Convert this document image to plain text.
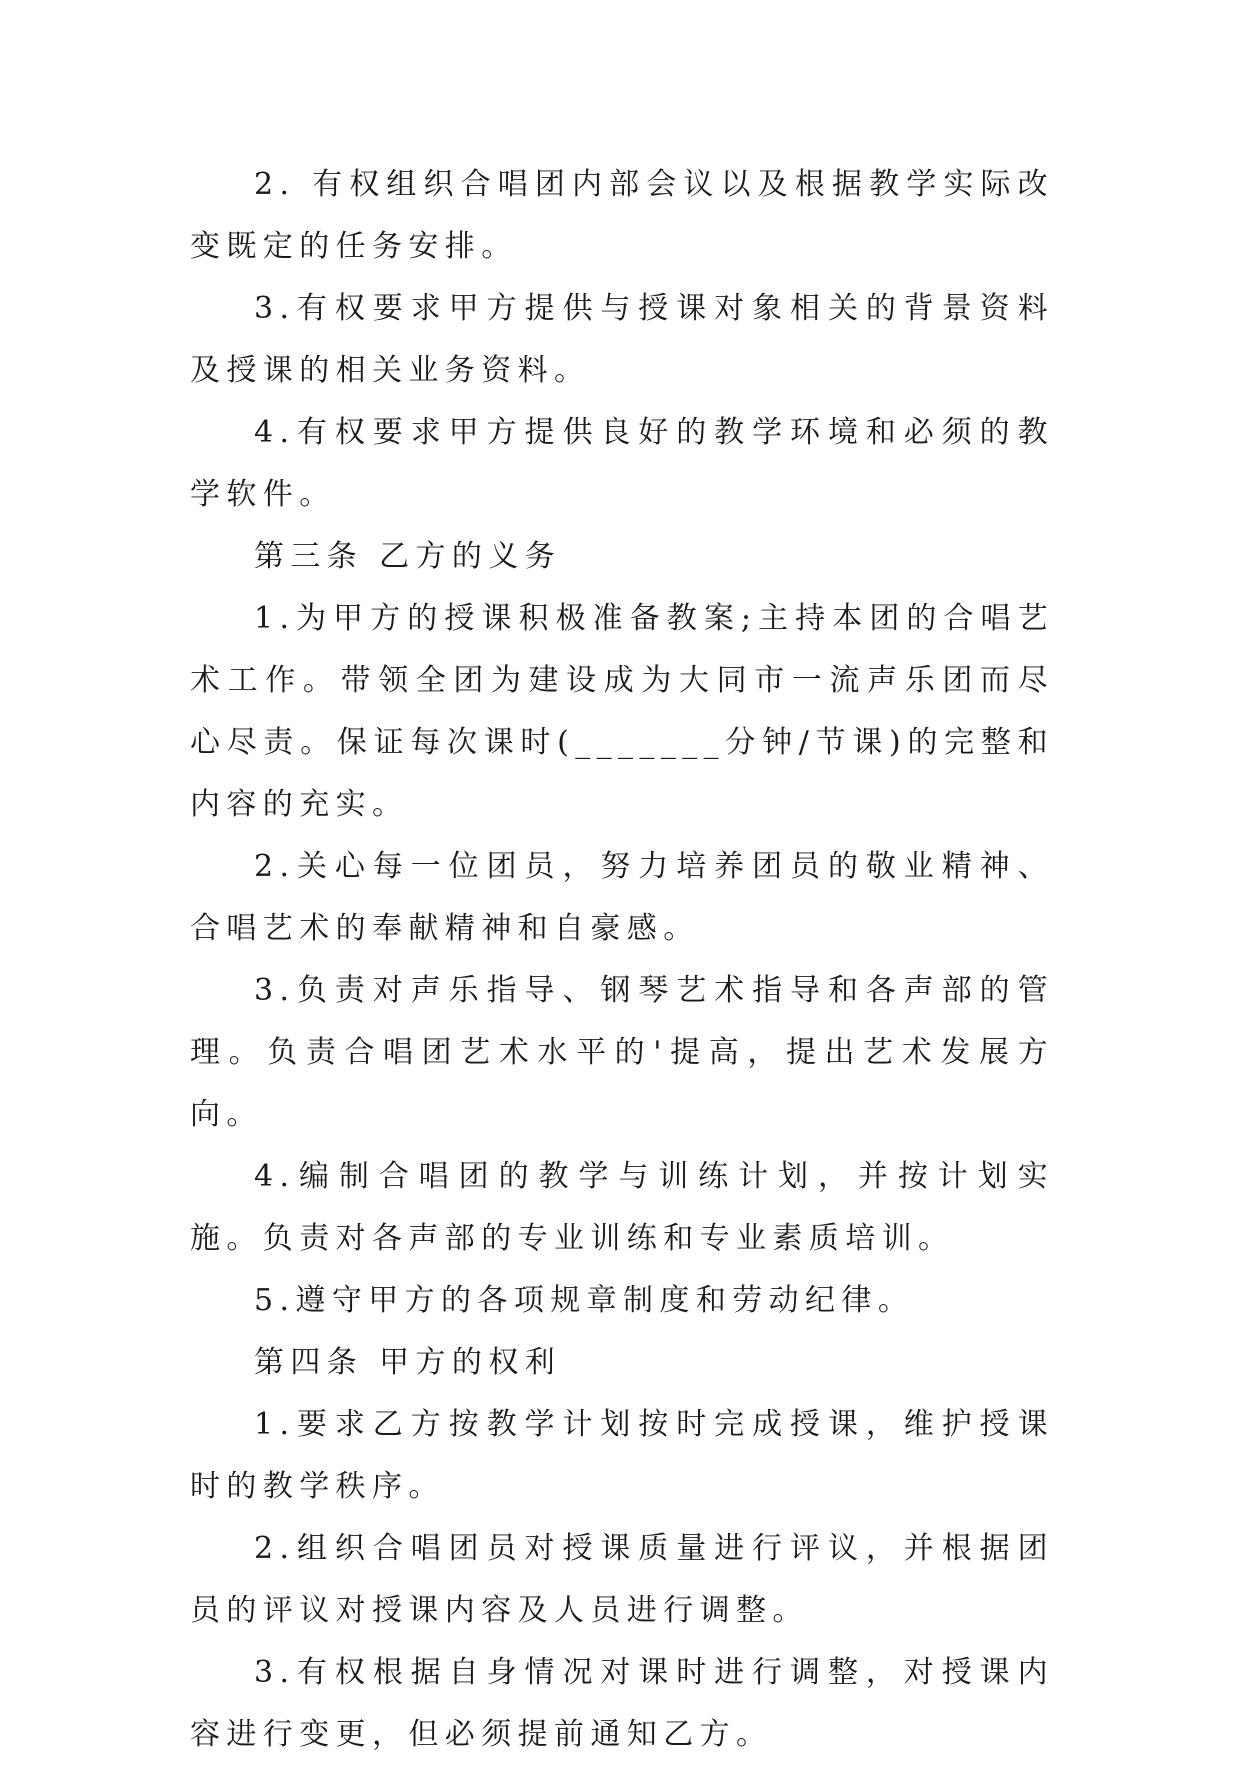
2. 有权组织合唱团内部会议以及根据教学实际改变既定的任务安排。

3.有权要求甲方提供与授课对象相关的背景资料及授课的相关业务资料。

4.有权要求甲方提供良好的教学环境和必须的教学软件。

第三条 乙方的义务

1.为甲方的授课积极准备教案;主持本团的合唱艺术工作。带领全团为建设成为大同市一流声乐团而尽心尽责。保证每次课时(_______分钟/节课)的完整和内容的充实。

2.关心每一位团员，努力培养团员的敬业精神、合唱艺术的奉献精神和自豪感。

3.负责对声乐指导、钢琴艺术指导和各声部的管理。负责合唱团艺术水平的'提高，提出艺术发展方向。

4.编制合唱团的教学与训练计划，并按计划实施。负责对各声部的专业训练和专业素质培训。

5.遵守甲方的各项规章制度和劳动纪律。

第四条 甲方的权利

1.要求乙方按教学计划按时完成授课，维护授课时的教学秩序。

2.组织合唱团员对授课质量进行评议，并根据团员的评议对授课内容及人员进行调整。

3.有权根据自身情况对课时进行调整，对授课内容进行变更，但必须提前通知乙方。
